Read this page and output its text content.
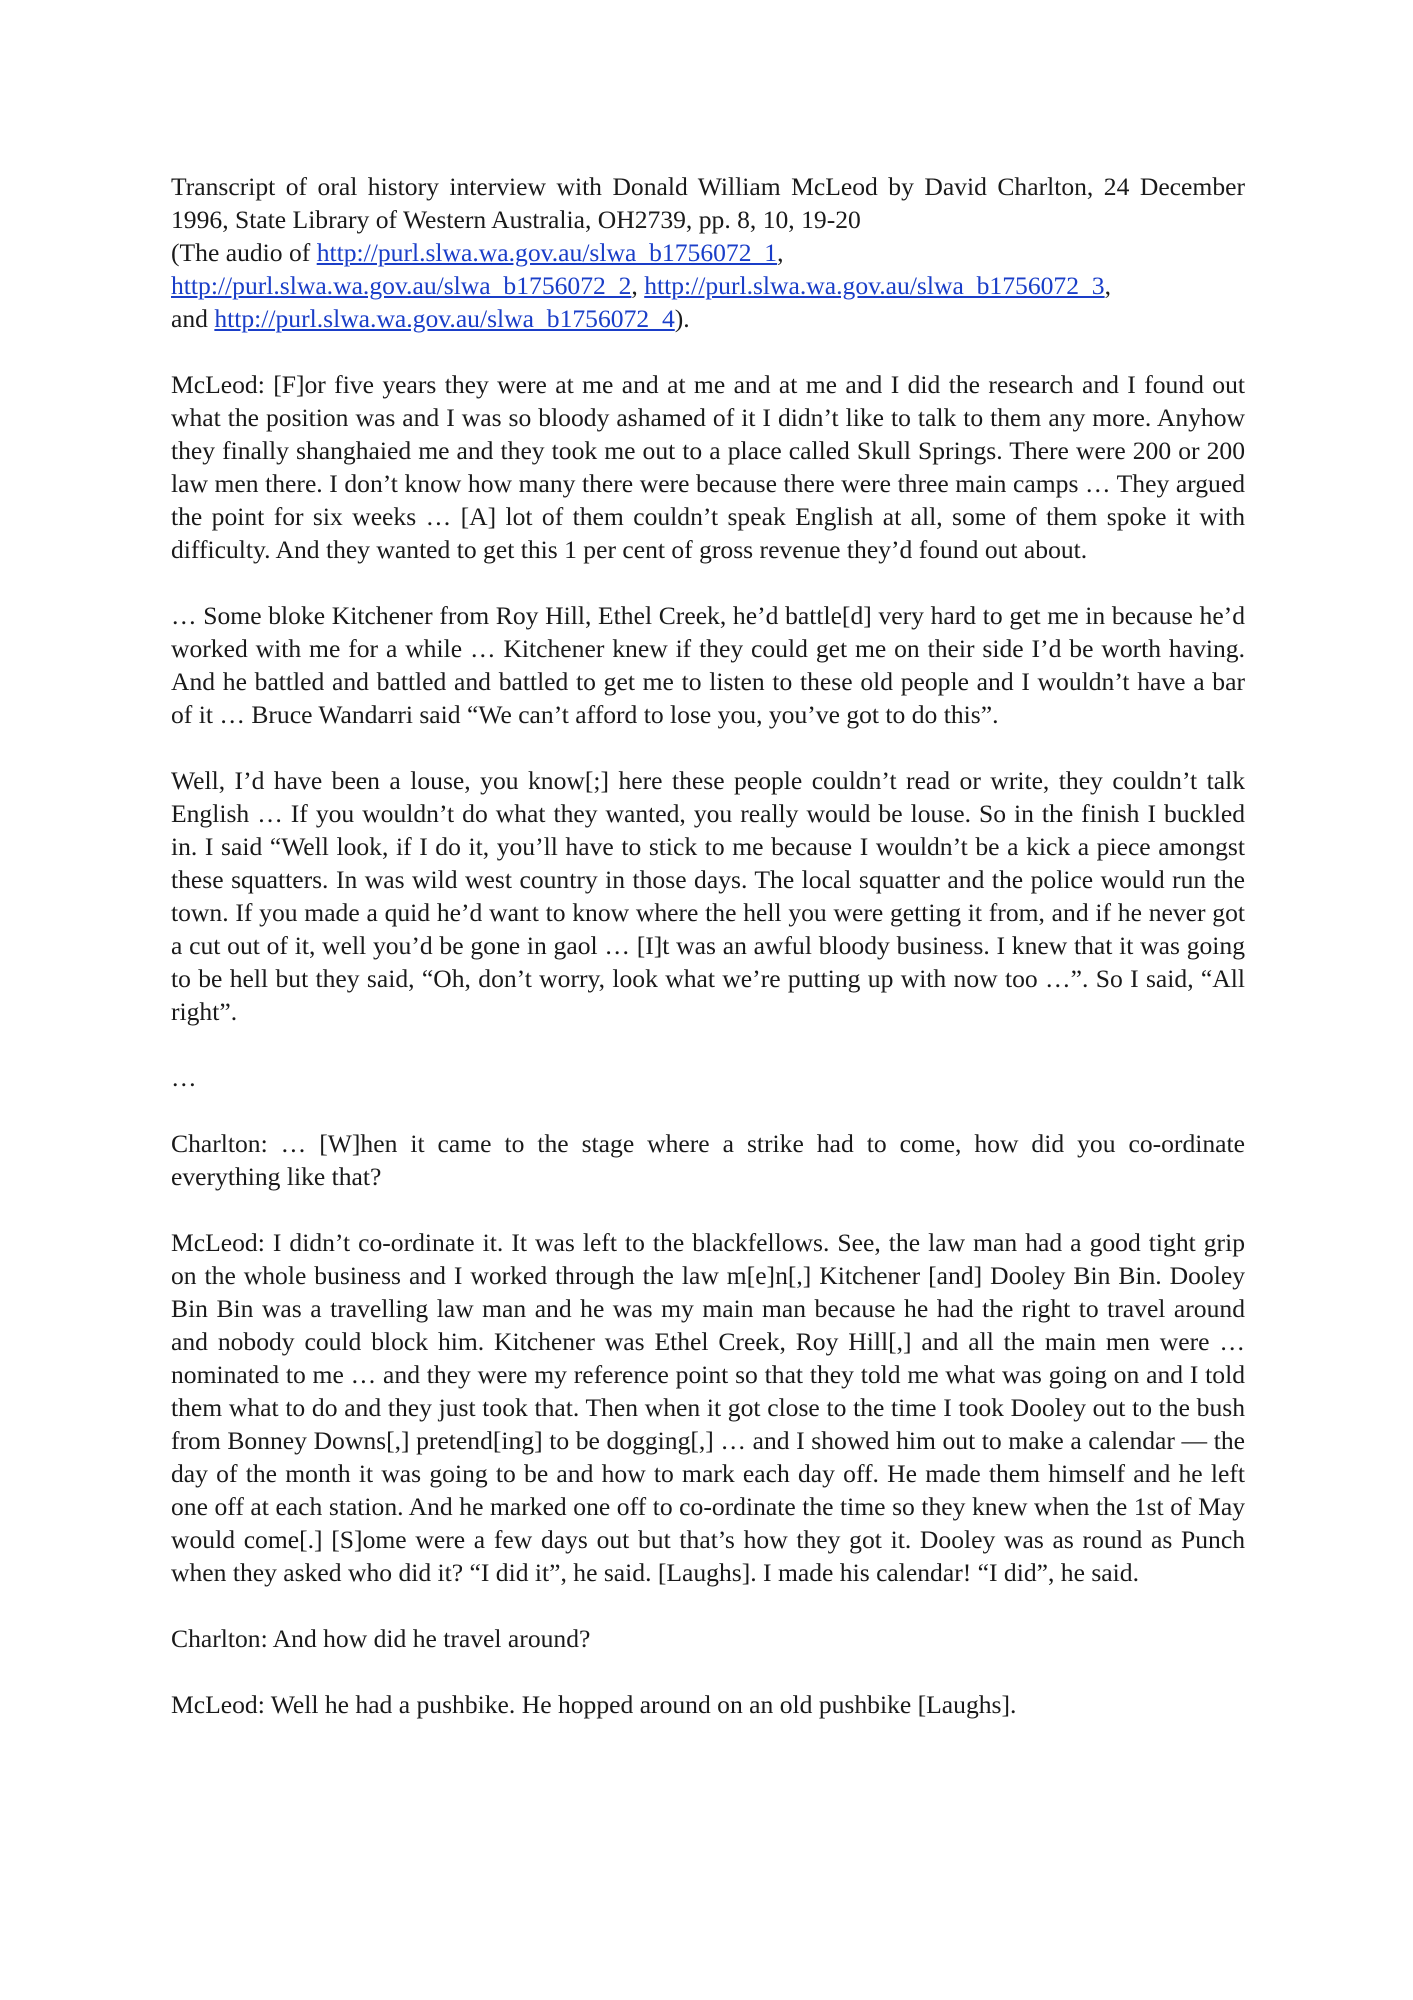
Transcript of oral history interview with Donald William McLeod by David Charlton, 24 December 1996, State Library of Western Australia, OH2739, pp. 8, 10, 19-20
(The audio of http://purl.slwa.wa.gov.au/slwa_b1756072_1,
http://purl.slwa.wa.gov.au/slwa_b1756072_2, http://purl.slwa.wa.gov.au/slwa_b1756072_3,
and http://purl.slwa.wa.gov.au/slwa_b1756072_4).

McLeod: [F]or five years they were at me and at me and at me and I did the research and I found out what the position was and I was so bloody ashamed of it I didn’t like to talk to them any more. Anyhow they finally shanghaied me and they took me out to a place called Skull Springs. There were 200 or 200 law men there. I don’t know how many there were because there were three main camps … They argued the point for six weeks … [A] lot of them couldn’t speak English at all, some of them spoke it with difficulty. And they wanted to get this 1 per cent of gross revenue they’d found out about.

… Some bloke Kitchener from Roy Hill, Ethel Creek, he’d battle[d] very hard to get me in because he’d worked with me for a while … Kitchener knew if they could get me on their side I’d be worth having. And he battled and battled and battled to get me to listen to these old people and I wouldn’t have a bar of it … Bruce Wandarri said “We can’t afford to lose you, you’ve got to do this”.

Well, I’d have been a louse, you know[;] here these people couldn’t read or write, they couldn’t talk English … If you wouldn’t do what they wanted, you really would be louse. So in the finish I buckled in. I said “Well look, if I do it, you’ll have to stick to me because I wouldn’t be a kick a piece amongst these squatters. In was wild west country in those days. The local squatter and the police would run the town. If you made a quid he’d want to know where the hell you were getting it from, and if he never got a cut out of it, well you’d be gone in gaol … [I]t was an awful bloody business. I knew that it was going to be hell but they said, “Oh, don’t worry, look what we’re putting up with now too …”. So I said, “All right”.

…

Charlton: … [W]hen it came to the stage where a strike had to come, how did you co-ordinate everything like that?

McLeod: I didn’t co-ordinate it. It was left to the blackfellows. See, the law man had a good tight grip on the whole business and I worked through the law m[e]n[,] Kitchener [and] Dooley Bin Bin. Dooley Bin Bin was a travelling law man and he was my main man because he had the right to travel around and nobody could block him. Kitchener was Ethel Creek, Roy Hill[,] and all the main men were … nominated to me … and they were my reference point so that they told me what was going on and I told them what to do and they just took that. Then when it got close to the time I took Dooley out to the bush from Bonney Downs[,] pretend[ing] to be dogging[,] … and I showed him out to make a calendar — the day of the month it was going to be and how to mark each day off. He made them himself and he left one off at each station. And he marked one off to co-ordinate the time so they knew when the 1st of May would come[.] [S]ome were a few days out but that’s how they got it. Dooley was as round as Punch when they asked who did it? “I did it”, he said. [Laughs]. I made his calendar! “I did”, he said.

Charlton: And how did he travel around?

McLeod: Well he had a pushbike. He hopped around on an old pushbike [Laughs].
